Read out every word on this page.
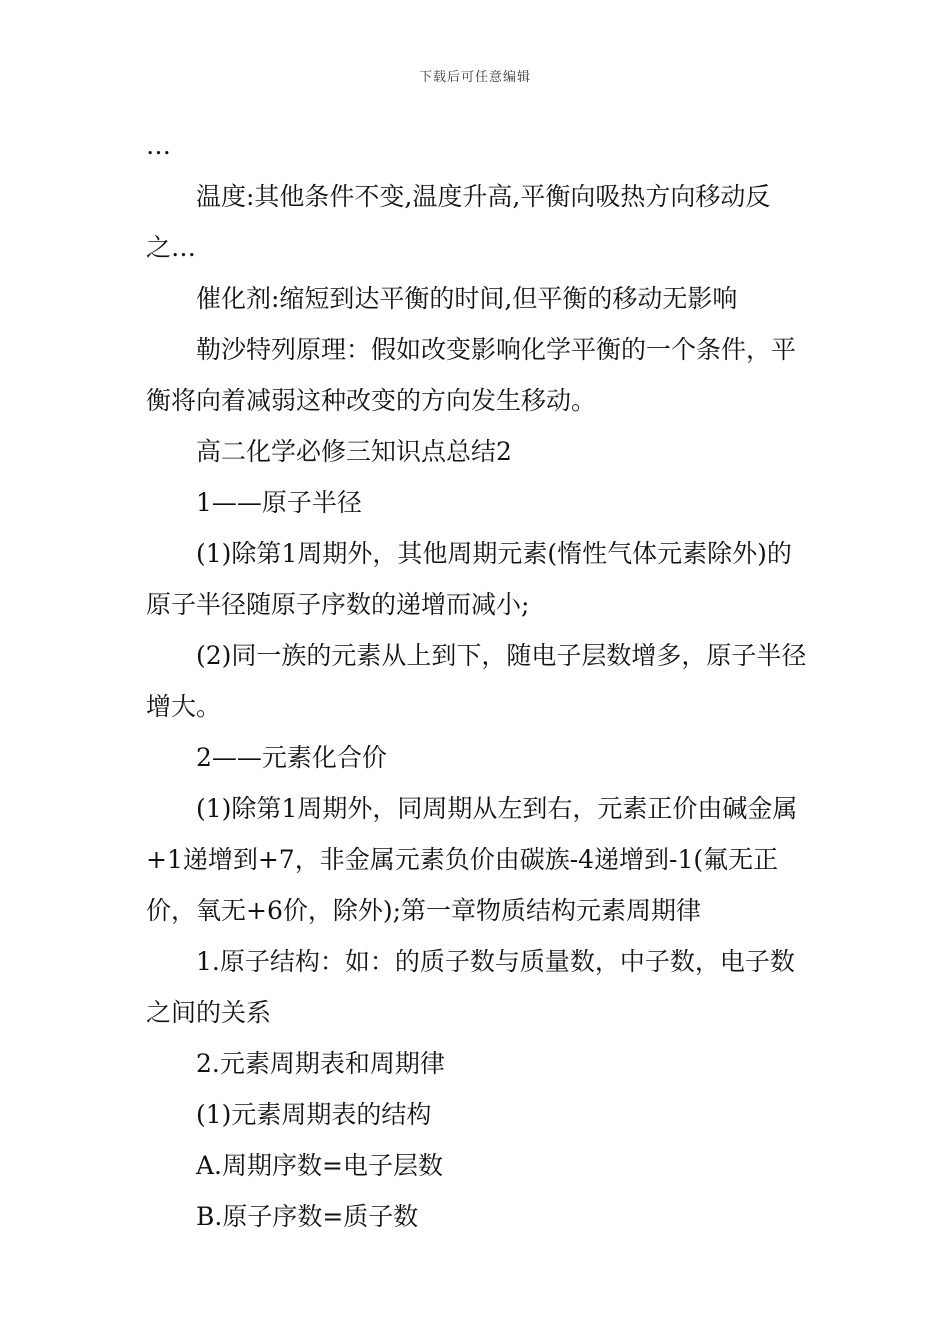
下载后可任意编辑

…

温度:其他条件不变,温度升高,平衡向吸热方向移动反之…

催化剂:缩短到达平衡的时间,但平衡的移动无影响

勒沙特列原理：假如改变影响化学平衡的一个条件，平衡将向着减弱这种改变的方向发生移动。

高二化学必修三知识点总结2

1——原子半径

(1)除第1周期外，其他周期元素(惰性气体元素除外)的原子半径随原子序数的递增而减小;

(2)同一族的元素从上到下，随电子层数增多，原子半径增大。

2——元素化合价

(1)除第1周期外，同周期从左到右，元素正价由碱金属+1递增到+7，非金属元素负价由碳族-4递增到-1(氟无正价，氧无+6价，除外);第一章物质结构元素周期律

1.原子结构：如：的质子数与质量数，中子数，电子数之间的关系

2.元素周期表和周期律

(1)元素周期表的结构

A.周期序数=电子层数

B.原子序数=质子数
